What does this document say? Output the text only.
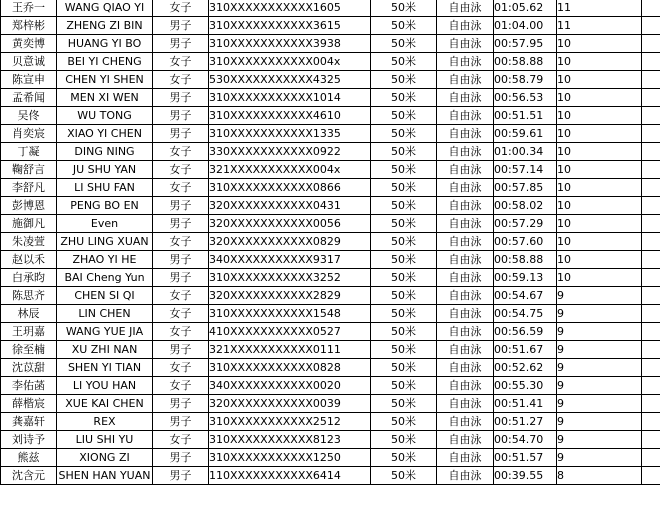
王乔一	WANG QIAO YI	女子	310XXXXXXXXXXX1605	50米	自由泳	01:05.62	11	
郑梓彬	ZHENG ZI BIN	男子	310XXXXXXXXXXX3615	50米	自由泳	01:04.00	11	
黄奕博	HUANG YI BO	男子	310XXXXXXXXXXX3938	50米	自由泳	00:57.95	10	
贝意诚	BEI YI CHENG	女子	310XXXXXXXXXXX004x	50米	自由泳	00:58.88	10	
陈宣申	CHEN YI SHEN	女子	530XXXXXXXXXXX4325	50米	自由泳	00:58.79	10	
孟希闻	MEN XI WEN	男子	310XXXXXXXXXXX1014	50米	自由泳	00:56.53	10	
吴佟	WU TONG	男子	310XXXXXXXXXXX4610	50米	自由泳	00:51.51	10	
肖奕宸	XIAO YI CHEN	男子	310XXXXXXXXXXX1335	50米	自由泳	00:59.61	10	
丁凝	DING NING	女子	330XXXXXXXXXXX0922	50米	自由泳	01:00.34	10	
鞠舒言	JU SHU YAN	女子	321XXXXXXXXXXX004x	50米	自由泳	00:57.14	10	
李舒凡	LI SHU FAN	女子	310XXXXXXXXXXX0866	50米	自由泳	00:57.85	10	
彭博恩	PENG BO EN	男子	320XXXXXXXXXXX0431	50米	自由泳	00:58.02	10	
施御凡	Even	男子	320XXXXXXXXXXX0056	50米	自由泳	00:57.29	10	
朱凌萱	ZHU LING XUAN	女子	320XXXXXXXXXXX0829	50米	自由泳	00:57.60	10	
赵以禾	ZHAO YI HE	男子	340XXXXXXXXXXX9317	50米	自由泳	00:58.88	10	
白承昀	BAI Cheng Yun	男子	310XXXXXXXXXXX3252	50米	自由泳	00:59.13	10	
陈思齐	CHEN SI QI	女子	320XXXXXXXXXXX2829	50米	自由泳	00:54.67	9	
林辰	LIN CHEN	女子	310XXXXXXXXXXX1548	50米	自由泳	00:54.75	9	
王玥嘉	WANG YUE JIA	女子	410XXXXXXXXXXX0527	50米	自由泳	00:56.59	9	
徐至楠	XU ZHI NAN	男子	321XXXXXXXXXXX0111	50米	自由泳	00:51.67	9	
沈苡甜	SHEN YI TIAN	女子	310XXXXXXXXXXX0828	50米	自由泳	00:52.62	9	
李佑菡	LI YOU HAN	女子	340XXXXXXXXXXX0020	50米	自由泳	00:55.30	9	
薛楷宸	XUE KAI CHEN	男子	320XXXXXXXXXXX0039	50米	自由泳	00:51.41	9	
龚嘉轩	REX	男子	310XXXXXXXXXXX2512	50米	自由泳	00:51.27	9	
刘诗予	LIU SHI YU	女子	310XXXXXXXXXXX8123	50米	自由泳	00:54.70	9	
熊兹	XIONG ZI	男子	310XXXXXXXXXXX1250	50米	自由泳	00:51.57	9	
沈含元	SHEN HAN YUAN	男子	110XXXXXXXXXXX6414	50米	自由泳	00:39.55	8	
